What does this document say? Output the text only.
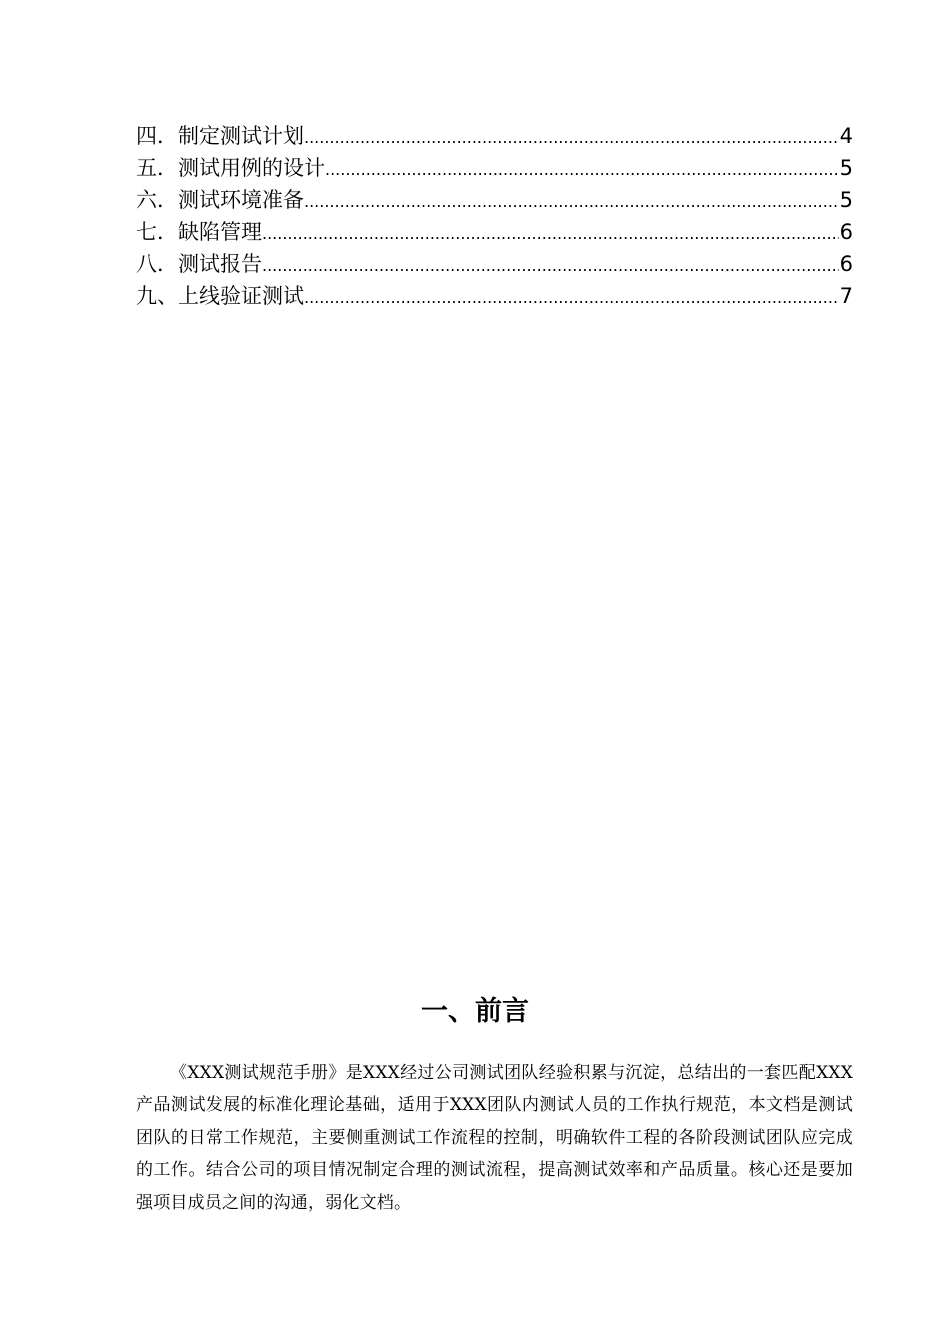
四．制定测试计划 .....	4
五．测试用例的设计 .....	5
六．测试环境准备 .....	5
七．缺陷管理 .....	6
八．测试报告 .....	6
九、上线验证测试 .....	7
一、前言

《XXX测试规范手册》是XXX经过公司测试团队经验积累与沉淀，总结出的一套匹配XXX产品测试发展的标准化理论基础，适用于XXX团队内测试人员的工作执行规范，本文档是测试团队的日常工作规范，主要侧重测试工作流程的控制，明确软件工程的各阶段测试团队应完成的工作。结合公司的项目情况制定合理的测试流程，提高测试效率和产品质量。核心还是要加强项目成员之间的沟通，弱化文档。
